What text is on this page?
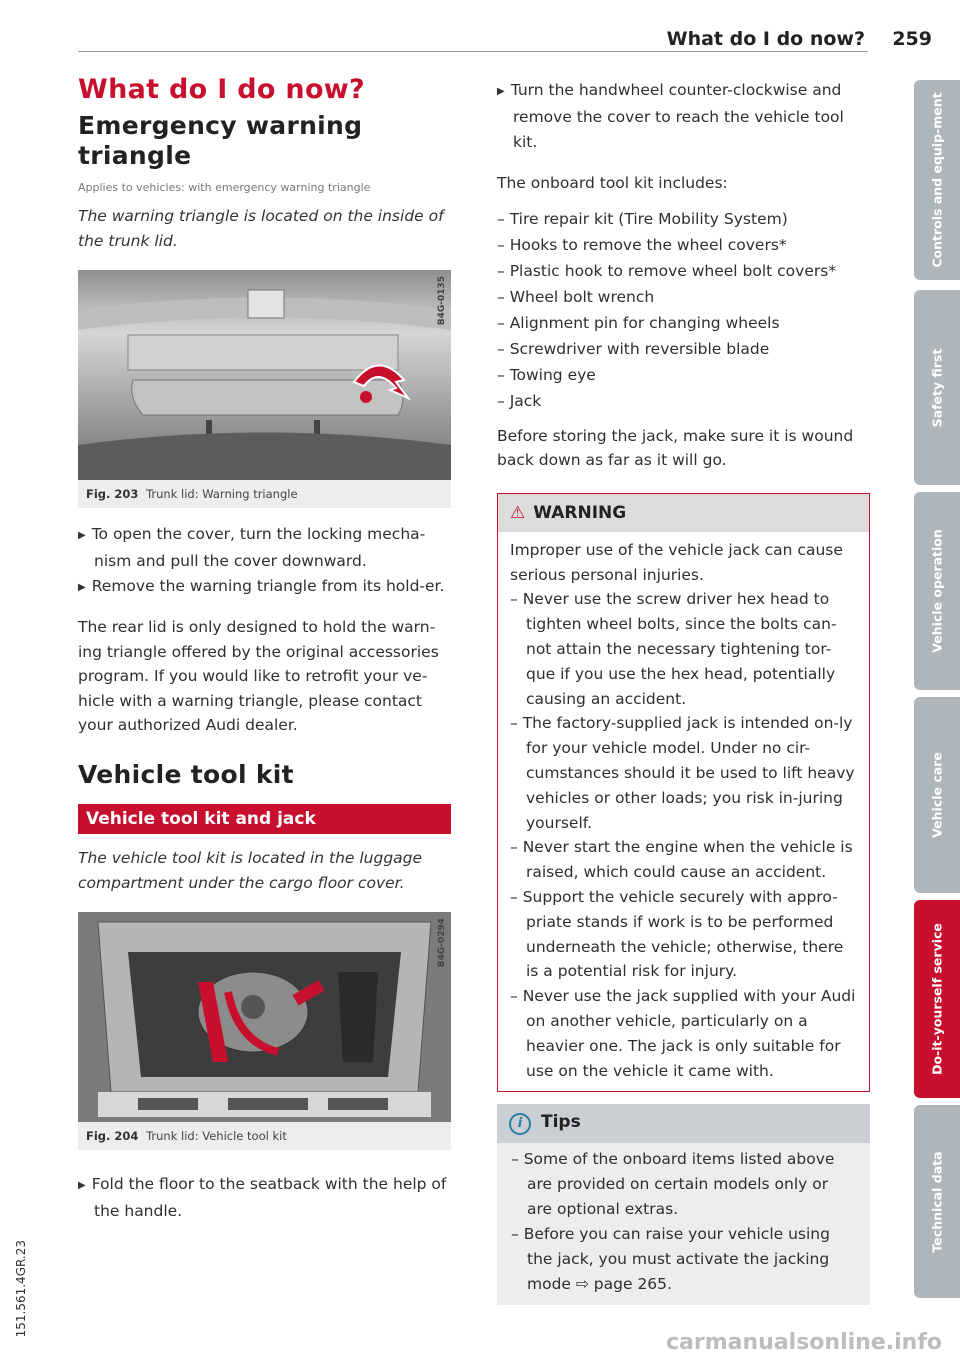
What do I do now? 259
What do I do now?
Emergency warning triangle
Applies to vehicles: with emergency warning triangle

The warning triangle is located on the inside of the trunk lid.

B4G-0135
Fig. 203 Trunk lid: Warning triangle

▶ To open the cover, turn the locking mecha-nism and pull the cover downward.

▶ Remove the warning triangle from its hold-er.

The rear lid is only designed to hold the warn-ing triangle offered by the original accessories program. If you would like to retrofit your ve-hicle with a warning triangle, please contact your authorized Audi dealer.

Vehicle tool kit
Vehicle tool kit and jack

The vehicle tool kit is located in the luggage compartment under the cargo floor cover.

B4G-0294
Fig. 204 Trunk lid: Vehicle tool kit

▶ Fold the floor to the seatback with the help of the handle.

▶ Turn the handwheel counter-clockwise and remove the cover to reach the vehicle tool kit.

The onboard tool kit includes:

– Tire repair kit (Tire Mobility System)

– Hooks to remove the wheel covers*

– Plastic hook to remove wheel bolt covers*

– Wheel bolt wrench

– Alignment pin for changing wheels

– Screwdriver with reversible blade

– Towing eye

– Jack

Before storing the jack, make sure it is wound back down as far as it will go.

⚠ WARNING

Improper use of the vehicle jack can cause serious personal injuries.

– Never use the screw driver hex head to tighten wheel bolts, since the bolts can-not attain the necessary tightening tor-que if you use the hex head, potentially causing an accident.

– The factory-supplied jack is intended on-ly for your vehicle model. Under no cir-cumstances should it be used to lift heavy vehicles or other loads; you risk in-juring yourself.

– Never start the engine when the vehicle is raised, which could cause an accident.

– Support the vehicle securely with appro-priate stands if work is to be performed underneath the vehicle; otherwise, there is a potential risk for injury.

– Never use the jack supplied with your Audi on another vehicle, particularly on a heavier one. The jack is only suitable for use on the vehicle it came with.

i Tips

– Some of the onboard items listed above are provided on certain models only or are optional extras.

– Before you can raise your vehicle using the jack, you must activate the jacking mode ⇨ page 265.

Controls and equip-ment
Safety first
Vehicle operation
Vehicle care
Do-it-yourself service
Technical data
151.561.4GR.23
carmanualsonline.info
